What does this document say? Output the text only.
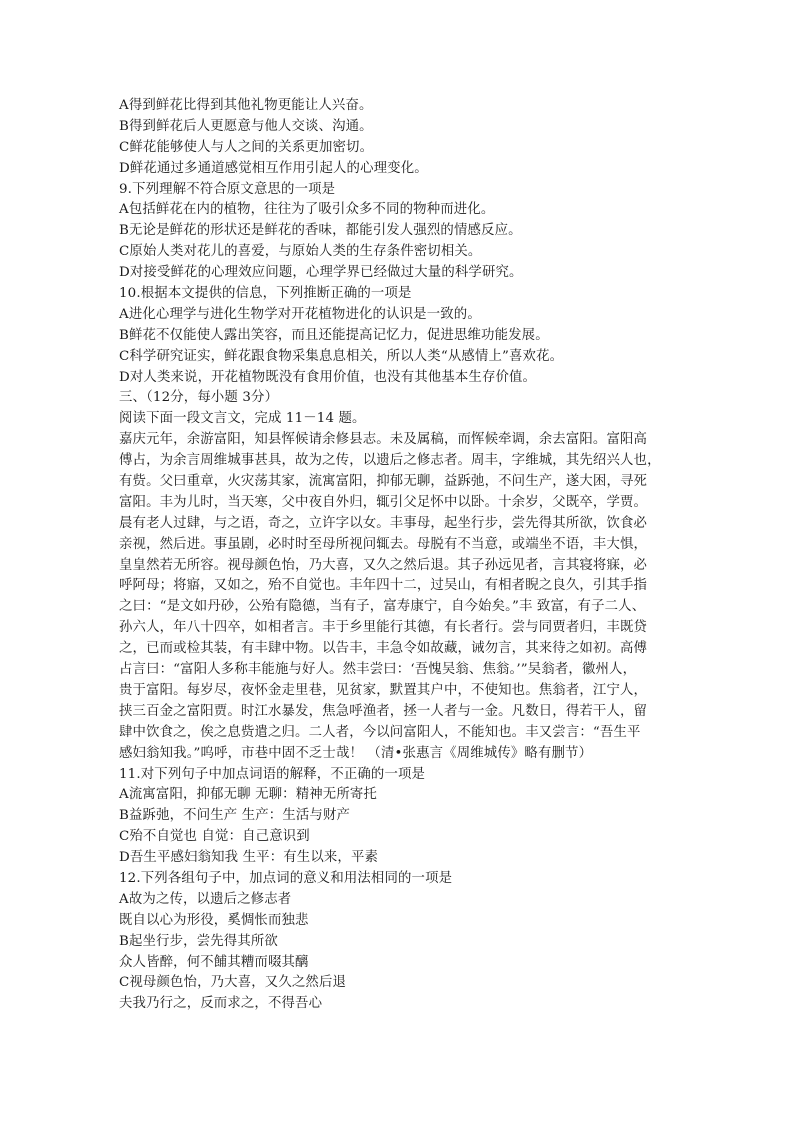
A得到鲜花比得到其他礼物更能让人兴奋。
B得到鲜花后人更愿意与他人交谈、沟通。
C鲜花能够使人与人之间的关系更加密切。
D鲜花通过多通道感觉相互作用引起人的心理变化。
9.下列理解不符合原文意思的一项是
A包括鲜花在内的植物，往往为了吸引众多不同的物种而进化。
B无论是鲜花的形状还是鲜花的香味，都能引发人强烈的情感反应。
C原始人类对花儿的喜爱，与原始人类的生存条件密切相关。
D对接受鲜花的心理效应问题，心理学界已经做过大量的科学研究。
10.根据本文提供的信息，下列推断正确的一项是
A进化心理学与进化生物学对开花植物进化的认识是一致的。
B鲜花不仅能使人露出笑容，而且还能提高记忆力，促进思维功能发展。
C科学研究证实，鲜花跟食物采集息息相关，所以人类“从感情上”喜欢花。
D对人类来说，开花植物既没有食用价值，也没有其他基本生存价值。
三、（12分，每小题 3分）
阅读下面一段文言文，完成 11－14 题。
嘉庆元年，余游富阳，知县恽候请余修县志。未及属稿，而恽候牵调，余去富阳。富阳高
傅占，为余言周维城事甚具，故为之传，以遗后之修志者。周丰，字维城，其先绍兴人也，
有赀。父曰重章，火灾荡其家，流寓富阳，抑郁无聊，益跅弛，不问生产，遂大困，寻死
富阳。丰为儿时，当天寒，父中夜自外归，辄引父足怀中以卧。十余岁，父既卒，学贾。
晨有老人过肆，与之语，奇之，立许字以女。丰事母，起坐行步，尝先得其所欲，饮食必
亲视，然后进。事虽剧，必时时至母所视问辄去。母脱有不当意，或端坐不语，丰大惧，
皇皇然若无所容。视母颜色怡，乃大喜，又久之然后退。其子孙远见者，言其寝将寐，必
呼阿母；将寤，又如之，殆不自觉也。丰年四十二，过吴山，有相者睨之良久，引其手指
之曰：“是文如丹砂，公殆有隐德，当有子，富寿康宁，自今始矣。”丰 致富，有子二人、
孙六人，年八十四卒，如相者言。丰于乡里能行其德，有长者行。尝与同贾者归，丰既贷
之，已而或检其装，有丰肆中物。以告丰，丰急令如故藏，诫勿言，其来待之如初。高傅
占言曰：“富阳人多称丰能施与好人。然丰尝曰：‘吾愧吴翁、焦翁。’”吴翁者，徽州人，
贵于富阳。每岁尽，夜怀金走里巷，见贫家，默置其户中，不使知也。焦翁者，江宁人，
挟三百金之富阳贾。时江水暴发，焦急呼渔者，拯一人者与一金。凡数日，得若干人，留
肆中饮食之，俟之息赀遣之归。二人者，今以问富阳人，不能知也。丰又尝言：“吾生平
感妇翁知我。”呜呼，市巷中固不乏士哉！ （清•张惠言《周维城传》略有删节）
11.对下列句子中加点词语的解释，不正确的一项是
A流寓富阳，抑郁无聊 无聊：精神无所寄托
B益跅弛，不问生产 生产：生活与财产
C殆不自觉也 自觉：自己意识到
D吾生平感妇翁知我 生平：有生以来，平素
12.下列各组句子中，加点词的意义和用法相同的一项是
A故为之传，以遗后之修志者
既自以心为形役，奚惆怅而独悲
B起坐行步，尝先得其所欲
众人皆醉，何不餔其糟而啜其醨
C视母颜色怡，乃大喜，又久之然后退
夫我乃行之，反而求之，不得吾心
